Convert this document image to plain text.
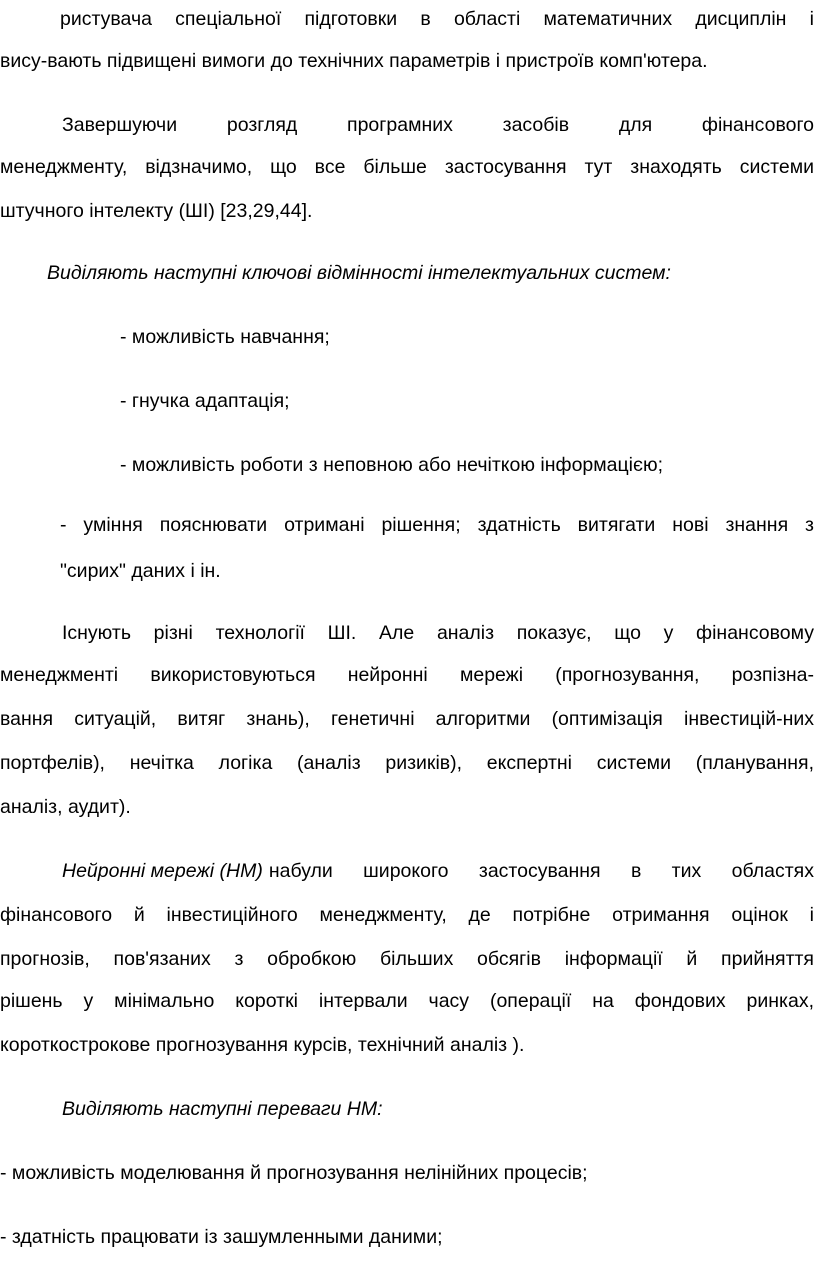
ристувача спеціальної підготовки в області математичних дисциплін і
вису-вають підвищені вимоги до технічних параметрів і пристроїв комп'ютера.
Завершуючи розгляд програмних засобів для фінансового
менеджменту, відзначимо, що все більше застосування тут знаходять системи
штучного інтелекту (ШІ) [23,29,44].
Виділяють наступні ключові відмінності інтелектуальних систем:
- можливість навчання;
- гнучка адаптація;
- можливість роботи з неповною або нечіткою інформацією;
- уміння пояснювати отримані рішення; здатність витягати нові знання з
"сирих" даних і ін.
Існують різні технології ШІ. Але аналіз показує, що у фінансовому
менеджменті використовуються нейронні мережі (прогнозування, розпізна-
вання ситуацій, витяг знань), генетичні алгоритми (оптимізація інвестицій-них
портфелів), нечітка логіка (аналіз ризиків), експертні системи (планування,
аналіз, аудит).
Нейронні мережі (НМ) набули широкого застосування в тих областях
фінансового й інвестиційного менеджменту, де потрібне отримання оцінок і
прогнозів, пов'язаних з обробкою більших обсягів інформації й прийняття
рішень у мінімально короткі інтервали часу (операції на фондових ринках,
короткострокове прогнозування курсів, технічний аналіз ).
Виділяють наступні переваги НМ:
- можливість моделювання й прогнозування нелінійних процесів;
- здатність працювати із зашумленными даними;
